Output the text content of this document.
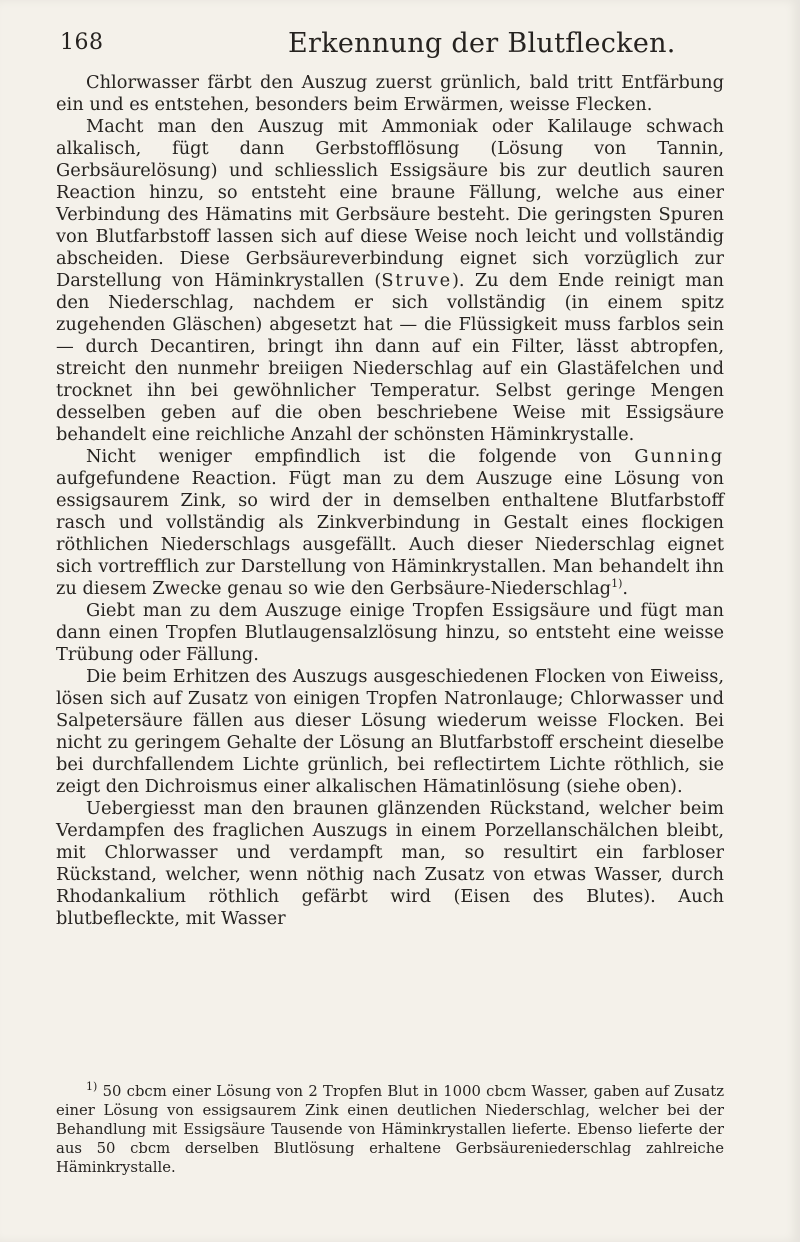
168	Erkennung der Blutflecken.

Chlorwasser färbt den Auszug zuerst grünlich, bald tritt Entfärbung ein und es entstehen, besonders beim Erwärmen, weisse Flecken.

Macht man den Auszug mit Ammoniak oder Kalilauge schwach alkalisch, fügt dann Gerbstofflösung (Lösung von Tannin, Gerbsäurelösung) und schliesslich Essigsäure bis zur deutlich sauren Reaction hinzu, so entsteht eine braune Fällung, welche aus einer Verbindung des Hämatins mit Gerbsäure besteht. Die geringsten Spuren von Blutfarbstoff lassen sich auf diese Weise noch leicht und vollständig abscheiden. Diese Gerbsäureverbindung eignet sich vorzüglich zur Darstellung von Häminkrystallen (Struve). Zu dem Ende reinigt man den Niederschlag, nachdem er sich vollständig (in einem spitz zugehenden Gläschen) abgesetzt hat — die Flüssigkeit muss farblos sein — durch Decantiren, bringt ihn dann auf ein Filter, lässt abtropfen, streicht den nunmehr breiigen Niederschlag auf ein Glastäfelchen und trocknet ihn bei gewöhnlicher Temperatur. Selbst geringe Mengen desselben geben auf die oben beschriebene Weise mit Essigsäure behandelt eine reichliche Anzahl der schönsten Häminkrystalle.

Nicht weniger empfindlich ist die folgende von Gunning aufgefundene Reaction. Fügt man zu dem Auszuge eine Lösung von essigsaurem Zink, so wird der in demselben enthaltene Blutfarbstoff rasch und vollständig als Zinkverbindung in Gestalt eines flockigen röthlichen Niederschlags ausgefällt. Auch dieser Niederschlag eignet sich vortrefflich zur Darstellung von Häminkrystallen. Man behandelt ihn zu diesem Zwecke genau so wie den Gerbsäure-Niederschlag$^{1)}$.

Giebt man zu dem Auszuge einige Tropfen Essigsäure und fügt man dann einen Tropfen Blutlaugensalzlösung hinzu, so entsteht eine weisse Trübung oder Fällung.

Die beim Erhitzen des Auszugs ausgeschiedenen Flocken von Eiweiss, lösen sich auf Zusatz von einigen Tropfen Natronlauge; Chlorwasser und Salpetersäure fällen aus dieser Lösung wiederum weisse Flocken. Bei nicht zu geringem Gehalte der Lösung an Blutfarbstoff erscheint dieselbe bei durchfallendem Lichte grünlich, bei reflectirtem Lichte röthlich, sie zeigt den Dichroismus einer alkalischen Hämatinlösung (siehe oben).

Uebergiesst man den braunen glänzenden Rückstand, welcher beim Verdampfen des fraglichen Auszugs in einem Porzellanschälchen bleibt, mit Chlorwasser und verdampft man, so resultirt ein farbloser Rückstand, welcher, wenn nöthig nach Zusatz von etwas Wasser, durch Rhodankalium röthlich gefärbt wird (Eisen des Blutes). Auch blutbefleckte, mit Wasser

$^{1)}$ 50 cbcm einer Lösung von 2 Tropfen Blut in 1000 cbcm Wasser, gaben auf Zusatz einer Lösung von essigsaurem Zink einen deutlichen Niederschlag, welcher bei der Behandlung mit Essigsäure Tausende von Häminkrystallen lieferte. Ebenso lieferte der aus 50 cbcm derselben Blutlösung erhaltene Gerbsäureniederschlag zahlreiche Häminkrystalle.
